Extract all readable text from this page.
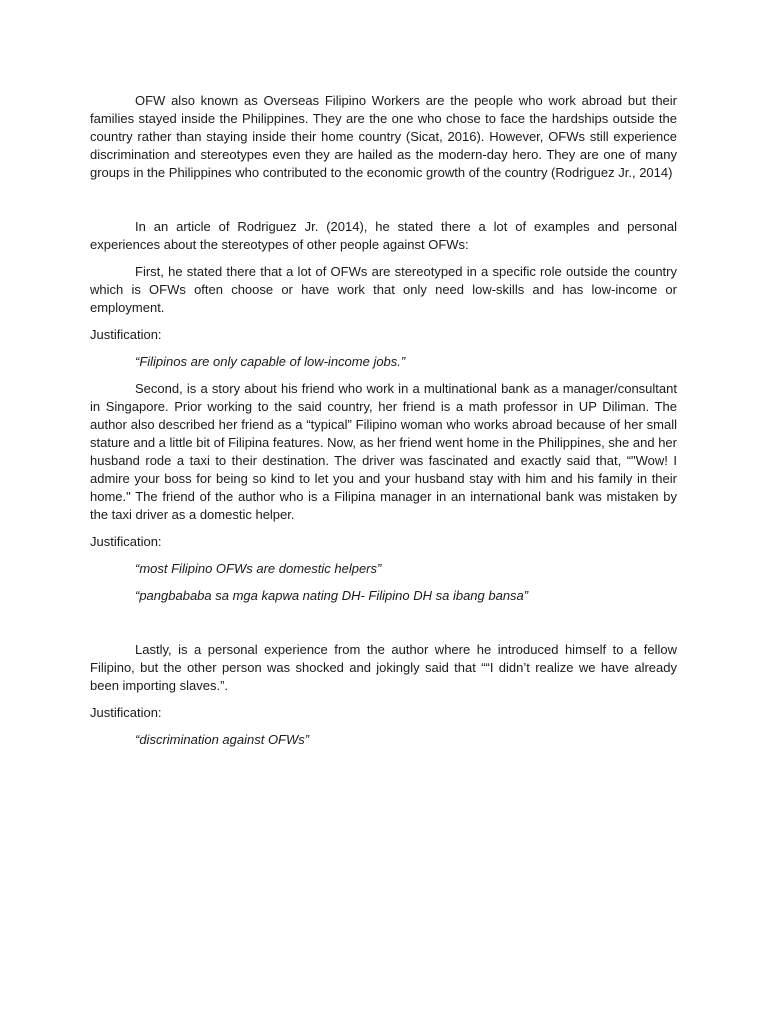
OFW also known as Overseas Filipino Workers are the people who work abroad but their families stayed inside the Philippines. They are the one who chose to face the hardships outside the country rather than staying inside their home country (Sicat, 2016). However, OFWs still experience discrimination and stereotypes even they are hailed as the modern-day hero. They are one of many groups in the Philippines who contributed to the economic growth of the country (Rodriguez Jr., 2014)

In an article of Rodriguez Jr. (2014), he stated there a lot of examples and personal experiences about the stereotypes of other people against OFWs:

First, he stated there that a lot of OFWs are stereotyped in a specific role outside the country which is OFWs often choose or have work that only need low-skills and has low-income or employment.

Justification:

“Filipinos are only capable of low-income jobs.”

Second, is a story about his friend who work in a multinational bank as a manager/consultant in Singapore. Prior working to the said country, her friend is a math professor in UP Diliman. The author also described her friend as a “typical” Filipino woman who works abroad because of her small stature and a little bit of Filipina features. Now, as her friend went home in the Philippines, she and her husband rode a taxi to their destination. The driver was fascinated and exactly said that, “"Wow! I admire your boss for being so kind to let you and your husband stay with him and his family in their home." The friend of the author who is a Filipina manager in an international bank was mistaken by the taxi driver as a domestic helper.

Justification:

“most Filipino OFWs are domestic helpers”

“pangbababa sa mga kapwa nating DH- Filipino DH sa ibang bansa”

Lastly, is a personal experience from the author where he introduced himself to a fellow Filipino, but the other person was shocked and jokingly said that ““I didn’t realize we have already been importing slaves.”.

Justification:

“discrimination against OFWs”
